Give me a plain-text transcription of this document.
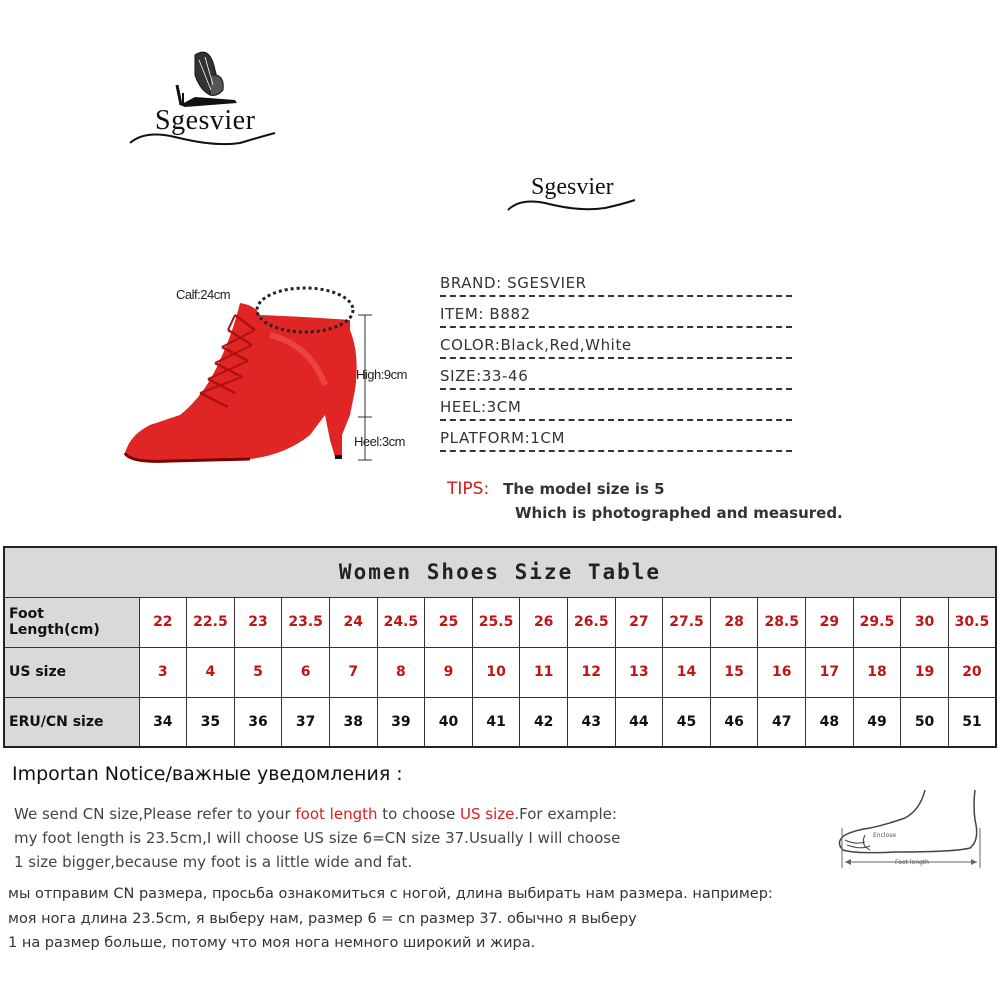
Sgesvier
Sgesvier
Calf:24cm
High:9cm
Heel:3cm
BRAND: SGESVIER
ITEM: B882
COLOR:Black,Red,White
SIZE:33-46
HEEL:3CM
PLATFORM:1CM
TIPS: The model size is 5
Which is photographed and measured.
Women Shoes Size Table																		
Foot Length(cm)	22	22.5	23	23.5	24	24.5	25	25.5	26	26.5	27	27.5	28	28.5	29	29.5	30	30.5
US size	3	4	5	6	7	8	9	10	11	12	13	14	15	16	17	18	19	20
ERU/CN size	34	35	36	37	38	39	40	41	42	43	44	45	46	47	48	49	50	51
Importan Notice/важные уведомления :
We send CN size,Please refer to your foot length to choose US size.For example:
my foot length is 23.5cm,I will choose US size 6=CN size 37.Usually I will choose
1 size bigger,because my foot is a little wide and fat.
мы отправим CN размера, просьба ознакомиться с ногой, длина выбирать нам размера. например:
моя нога длина 23.5cm, я выберу нам, размер 6 = cn размер 37. обычно я выберу
1 на размер больше, потому что моя нога немного широкий и жира.
Enclose
Foot length
